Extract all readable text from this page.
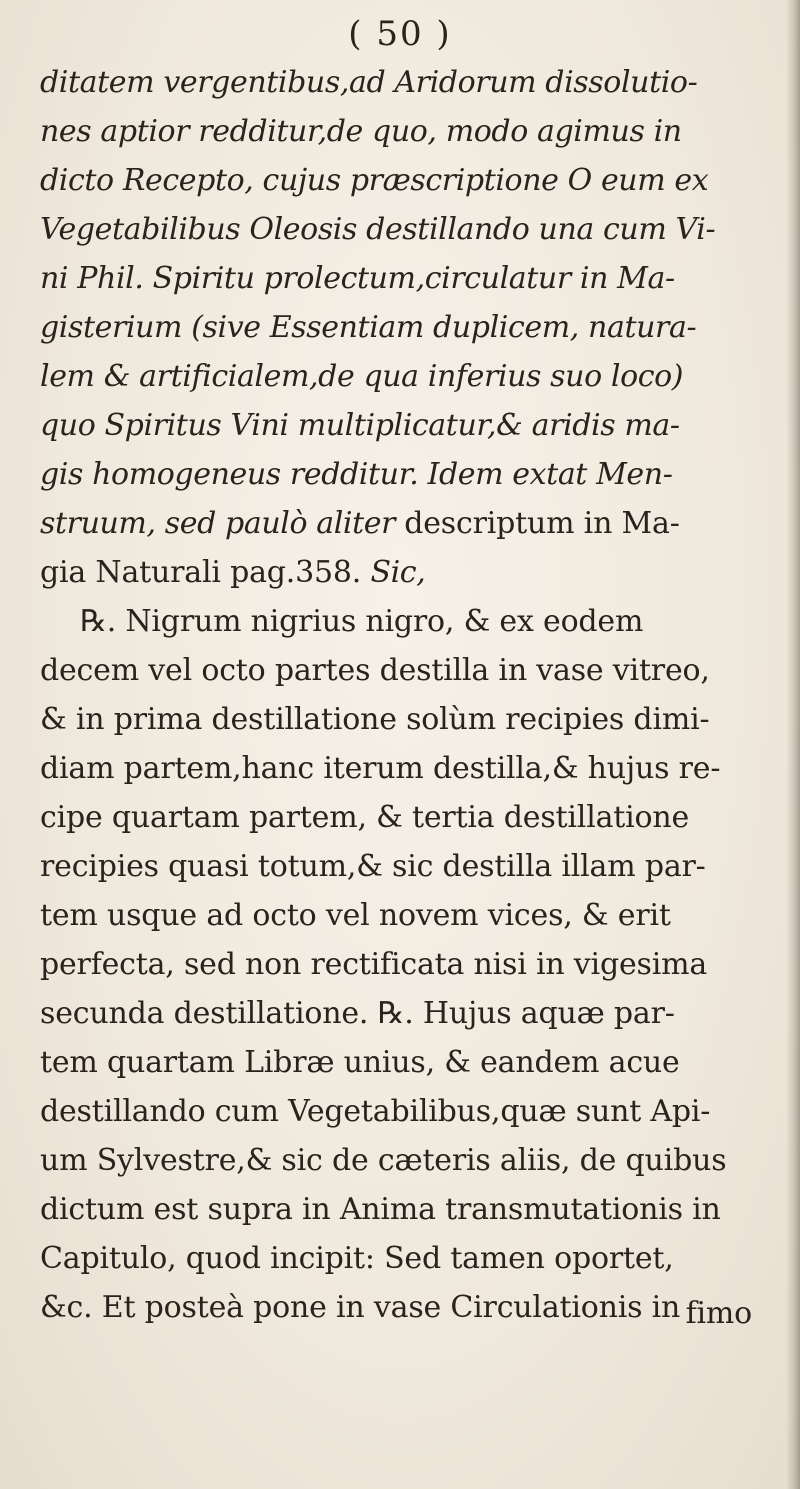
( 50 )
ditatem vergentibus,ad Aridorum dissolutio-
nes aptior redditur,de quo, modo agimus in
dicto Recepto, cujus præscriptione O eum ex
Vegetabilibus Oleosis destillando una cum Vi-
ni Phil. Spiritu prolectum,circulatur in Ma-
gisterium (sive Essentiam duplicem, natura-
lem & artificialem,de qua inferius suo loco)
quo Spiritus Vini multiplicatur,& aridis ma-
gis homogeneus redditur. Idem extat Men-
struum, sed paulò aliter descriptum in Ma-
gia Naturali pag.358. Sic,
℞. Nigrum nigrius nigro, & ex eodem
decem vel octo partes destilla in vase vitreo,
& in prima destillatione solùm recipies dimi-
diam partem,hanc iterum destilla,& hujus re-
cipe quartam partem, & tertia destillatione
recipies quasi totum,& sic destilla illam par-
tem usque ad octo vel novem vices, & erit
perfecta, sed non rectificata nisi in vigesima
secunda destillatione. ℞. Hujus aquæ par-
tem quartam Libræ unius, & eandem acue
destillando cum Vegetabilibus,quæ sunt Api-
um Sylvestre,& sic de cæteris aliis, de quibus
dictum est supra in Anima transmutationis in
Capitulo, quod incipit: Sed tamen oportet,
&c. Et posteà pone in vase Circulationis in fimo
